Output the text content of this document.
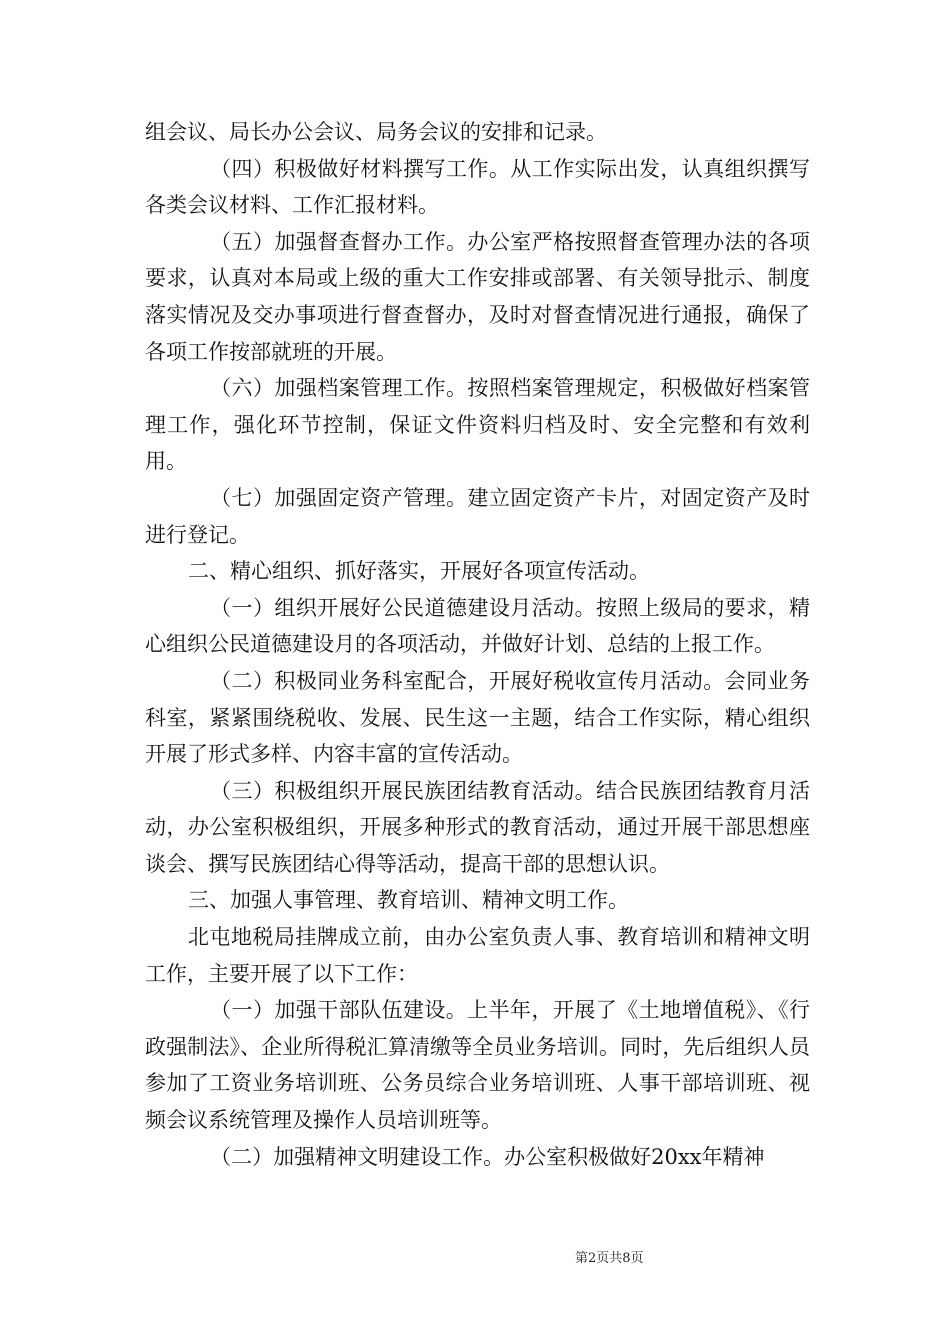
组会议、局长办公会议、局务会议的安排和记录。

（四）积极做好材料撰写工作。从工作实际出发，认真组织撰写各类会议材料、工作汇报材料。

（五）加强督查督办工作。办公室严格按照督查管理办法的各项要求，认真对本局或上级的重大工作安排或部署、有关领导批示、制度落实情况及交办事项进行督查督办，及时对督查情况进行通报，确保了各项工作按部就班的开展。

（六）加强档案管理工作。按照档案管理规定，积极做好档案管理工作，强化环节控制，保证文件资料归档及时、安全完整和有效利用。

（七）加强固定资产管理。建立固定资产卡片，对固定资产及时进行登记。

二、精心组织、抓好落实，开展好各项宣传活动。

（一）组织开展好公民道德建设月活动。按照上级局的要求，精心组织公民道德建设月的各项活动，并做好计划、总结的上报工作。

（二）积极同业务科室配合，开展好税收宣传月活动。会同业务科室，紧紧围绕税收、发展、民生这一主题，结合工作实际，精心组织开展了形式多样、内容丰富的宣传活动。

（三）积极组织开展民族团结教育活动。结合民族团结教育月活动，办公室积极组织，开展多种形式的教育活动，通过开展干部思想座谈会、撰写民族团结心得等活动，提高干部的思想认识。

三、加强人事管理、教育培训、精神文明工作。

北屯地税局挂牌成立前，由办公室负责人事、教育培训和精神文明工作，主要开展了以下工作：

（一）加强干部队伍建设。上半年，开展了《土地增值税》、《行政强制法》、企业所得税汇算清缴等全员业务培训。同时，先后组织人员参加了工资业务培训班、公务员综合业务培训班、人事干部培训班、视频会议系统管理及操作人员培训班等。

（二）加强精神文明建设工作。办公室积极做好20xx年精神

第2页共8页
